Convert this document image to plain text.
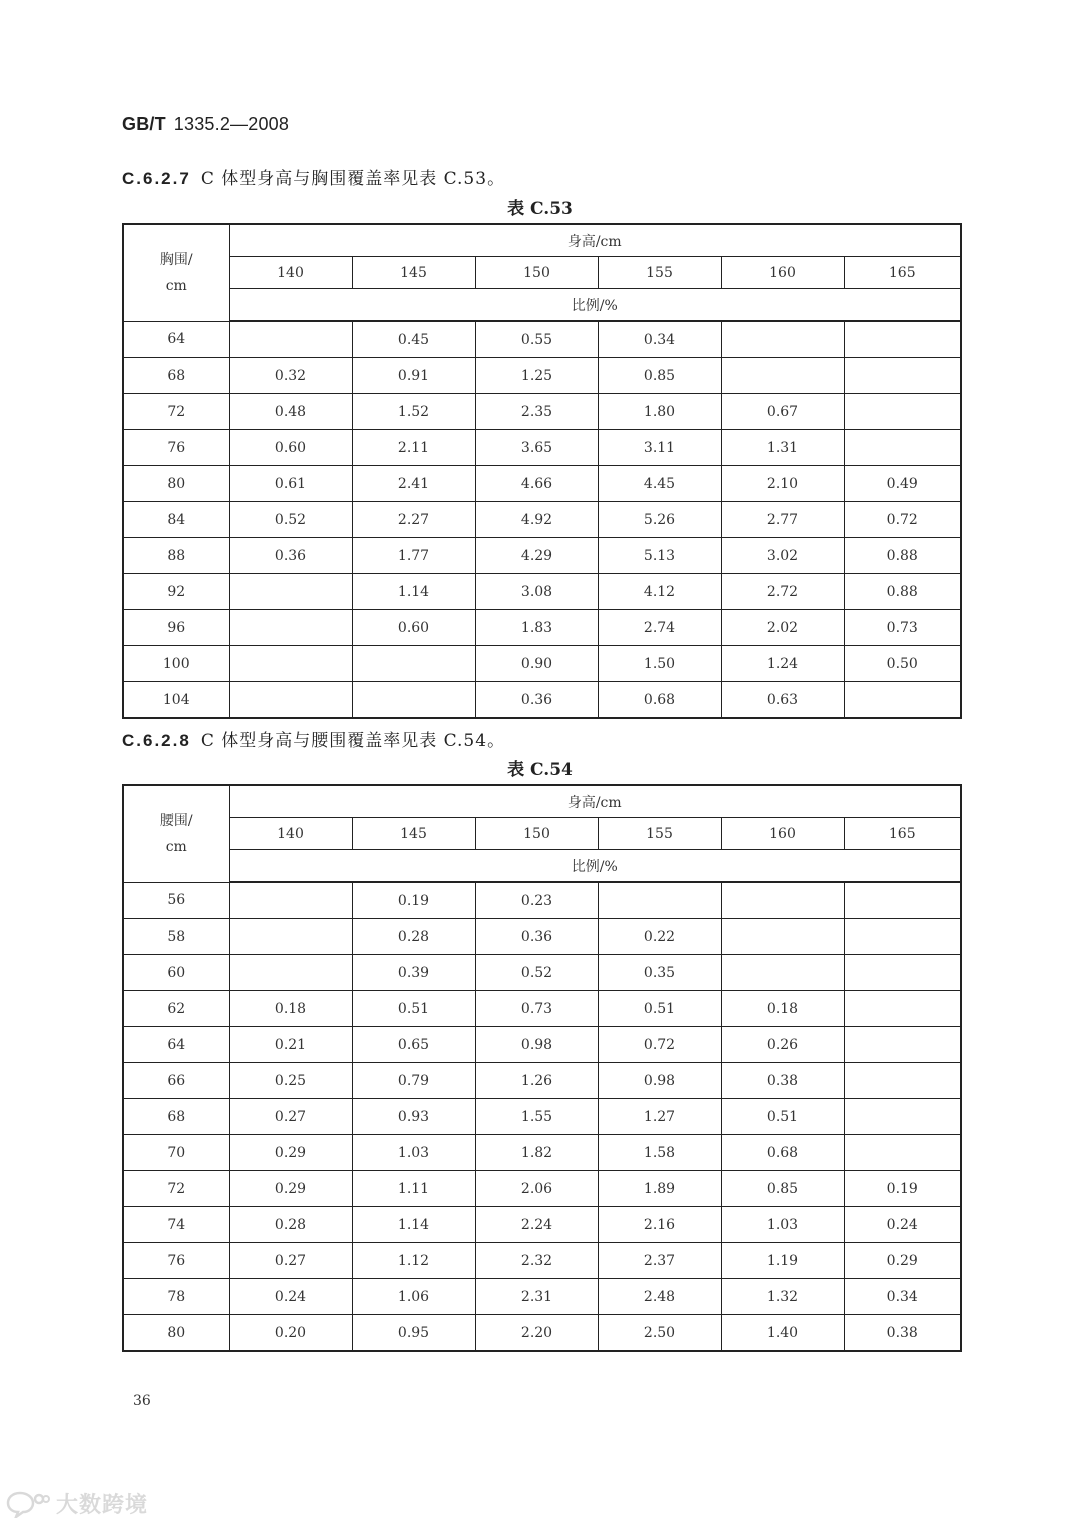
GB/T 1335.2—2008
C.6.2.7 C 体型身高与胸围覆盖率见表 C.53。
表 C.53
胸围/
cm	身高/cm					
	140	145	150	155	160	165
	比例/%					
64		0.45	0.55	0.34		
68	0.32	0.91	1.25	0.85		
72	0.48	1.52	2.35	1.80	0.67	
76	0.60	2.11	3.65	3.11	1.31	
80	0.61	2.41	4.66	4.45	2.10	0.49
84	0.52	2.27	4.92	5.26	2.77	0.72
88	0.36	1.77	4.29	5.13	3.02	0.88
92		1.14	3.08	4.12	2.72	0.88
96		0.60	1.83	2.74	2.02	0.73
100			0.90	1.50	1.24	0.50
104			0.36	0.68	0.63	
C.6.2.8 C 体型身高与腰围覆盖率见表 C.54。
表 C.54
腰围/
cm	身高/cm					
	140	145	150	155	160	165
	比例/%					
56		0.19	0.23			
58		0.28	0.36	0.22		
60		0.39	0.52	0.35		
62	0.18	0.51	0.73	0.51	0.18	
64	0.21	0.65	0.98	0.72	0.26	
66	0.25	0.79	1.26	0.98	0.38	
68	0.27	0.93	1.55	1.27	0.51	
70	0.29	1.03	1.82	1.58	0.68	
72	0.29	1.11	2.06	1.89	0.85	0.19
74	0.28	1.14	2.24	2.16	1.03	0.24
76	0.27	1.12	2.32	2.37	1.19	0.29
78	0.24	1.06	2.31	2.48	1.32	0.34
80	0.20	0.95	2.20	2.50	1.40	0.38
36
大数跨境
